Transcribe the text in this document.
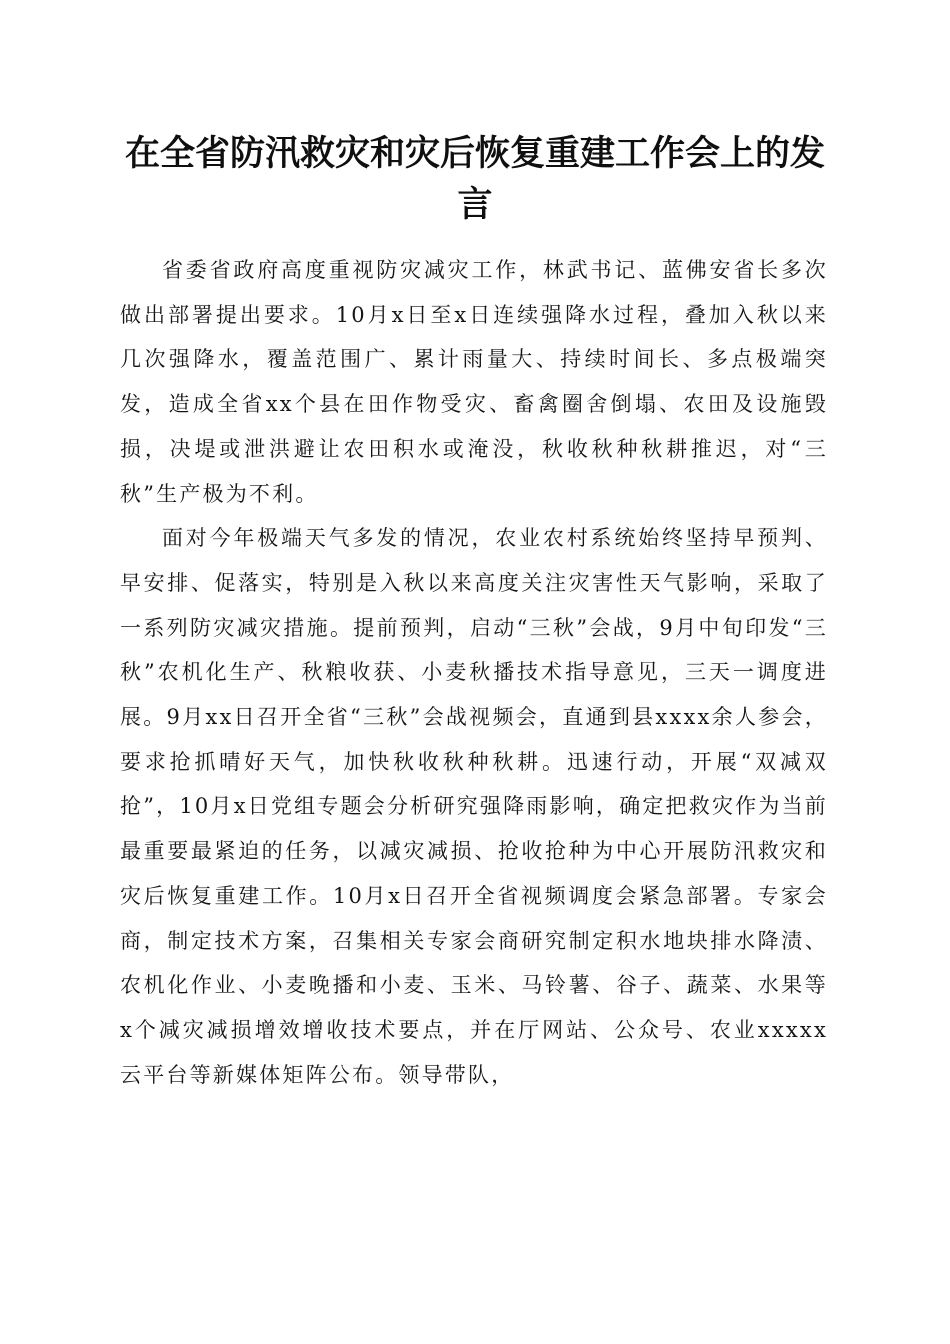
在全省防汛救灾和灾后恢复重建工作会上的发言

省委省政府高度重视防灾减灾工作，林武书记、蓝佛安省长多次做出部署提出要求。10月x日至x日连续强降水过程，叠加入秋以来几次强降水，覆盖范围广、累计雨量大、持续时间长、多点极端突发，造成全省xx个县在田作物受灾、畜禽圈舍倒塌、农田及设施毁损，决堤或泄洪避让农田积水或淹没，秋收秋种秋耕推迟，对“三秋”生产极为不利。

面对今年极端天气多发的情况，农业农村系统始终坚持早预判、早安排、促落实，特别是入秋以来高度关注灾害性天气影响，采取了一系列防灾减灾措施。提前预判，启动“三秋”会战，9月中旬印发“三秋”农机化生产、秋粮收获、小麦秋播技术指导意见，三天一调度进展。9月xx日召开全省“三秋”会战视频会，直通到县xxxx余人参会，要求抢抓晴好天气，加快秋收秋种秋耕。迅速行动，开展“双减双抢”，10月x日党组专题会分析研究强降雨影响，确定把救灾作为当前最重要最紧迫的任务，以减灾减损、抢收抢种为中心开展防汛救灾和灾后恢复重建工作。10月x日召开全省视频调度会紧急部署。专家会商，制定技术方案，召集相关专家会商研究制定积水地块排水降渍、农机化作业、小麦晚播和小麦、玉米、马铃薯、谷子、蔬菜、水果等x个减灾减损增效增收技术要点，并在厅网站、公众号、农业xxxxx云平台等新媒体矩阵公布。领导带队，
